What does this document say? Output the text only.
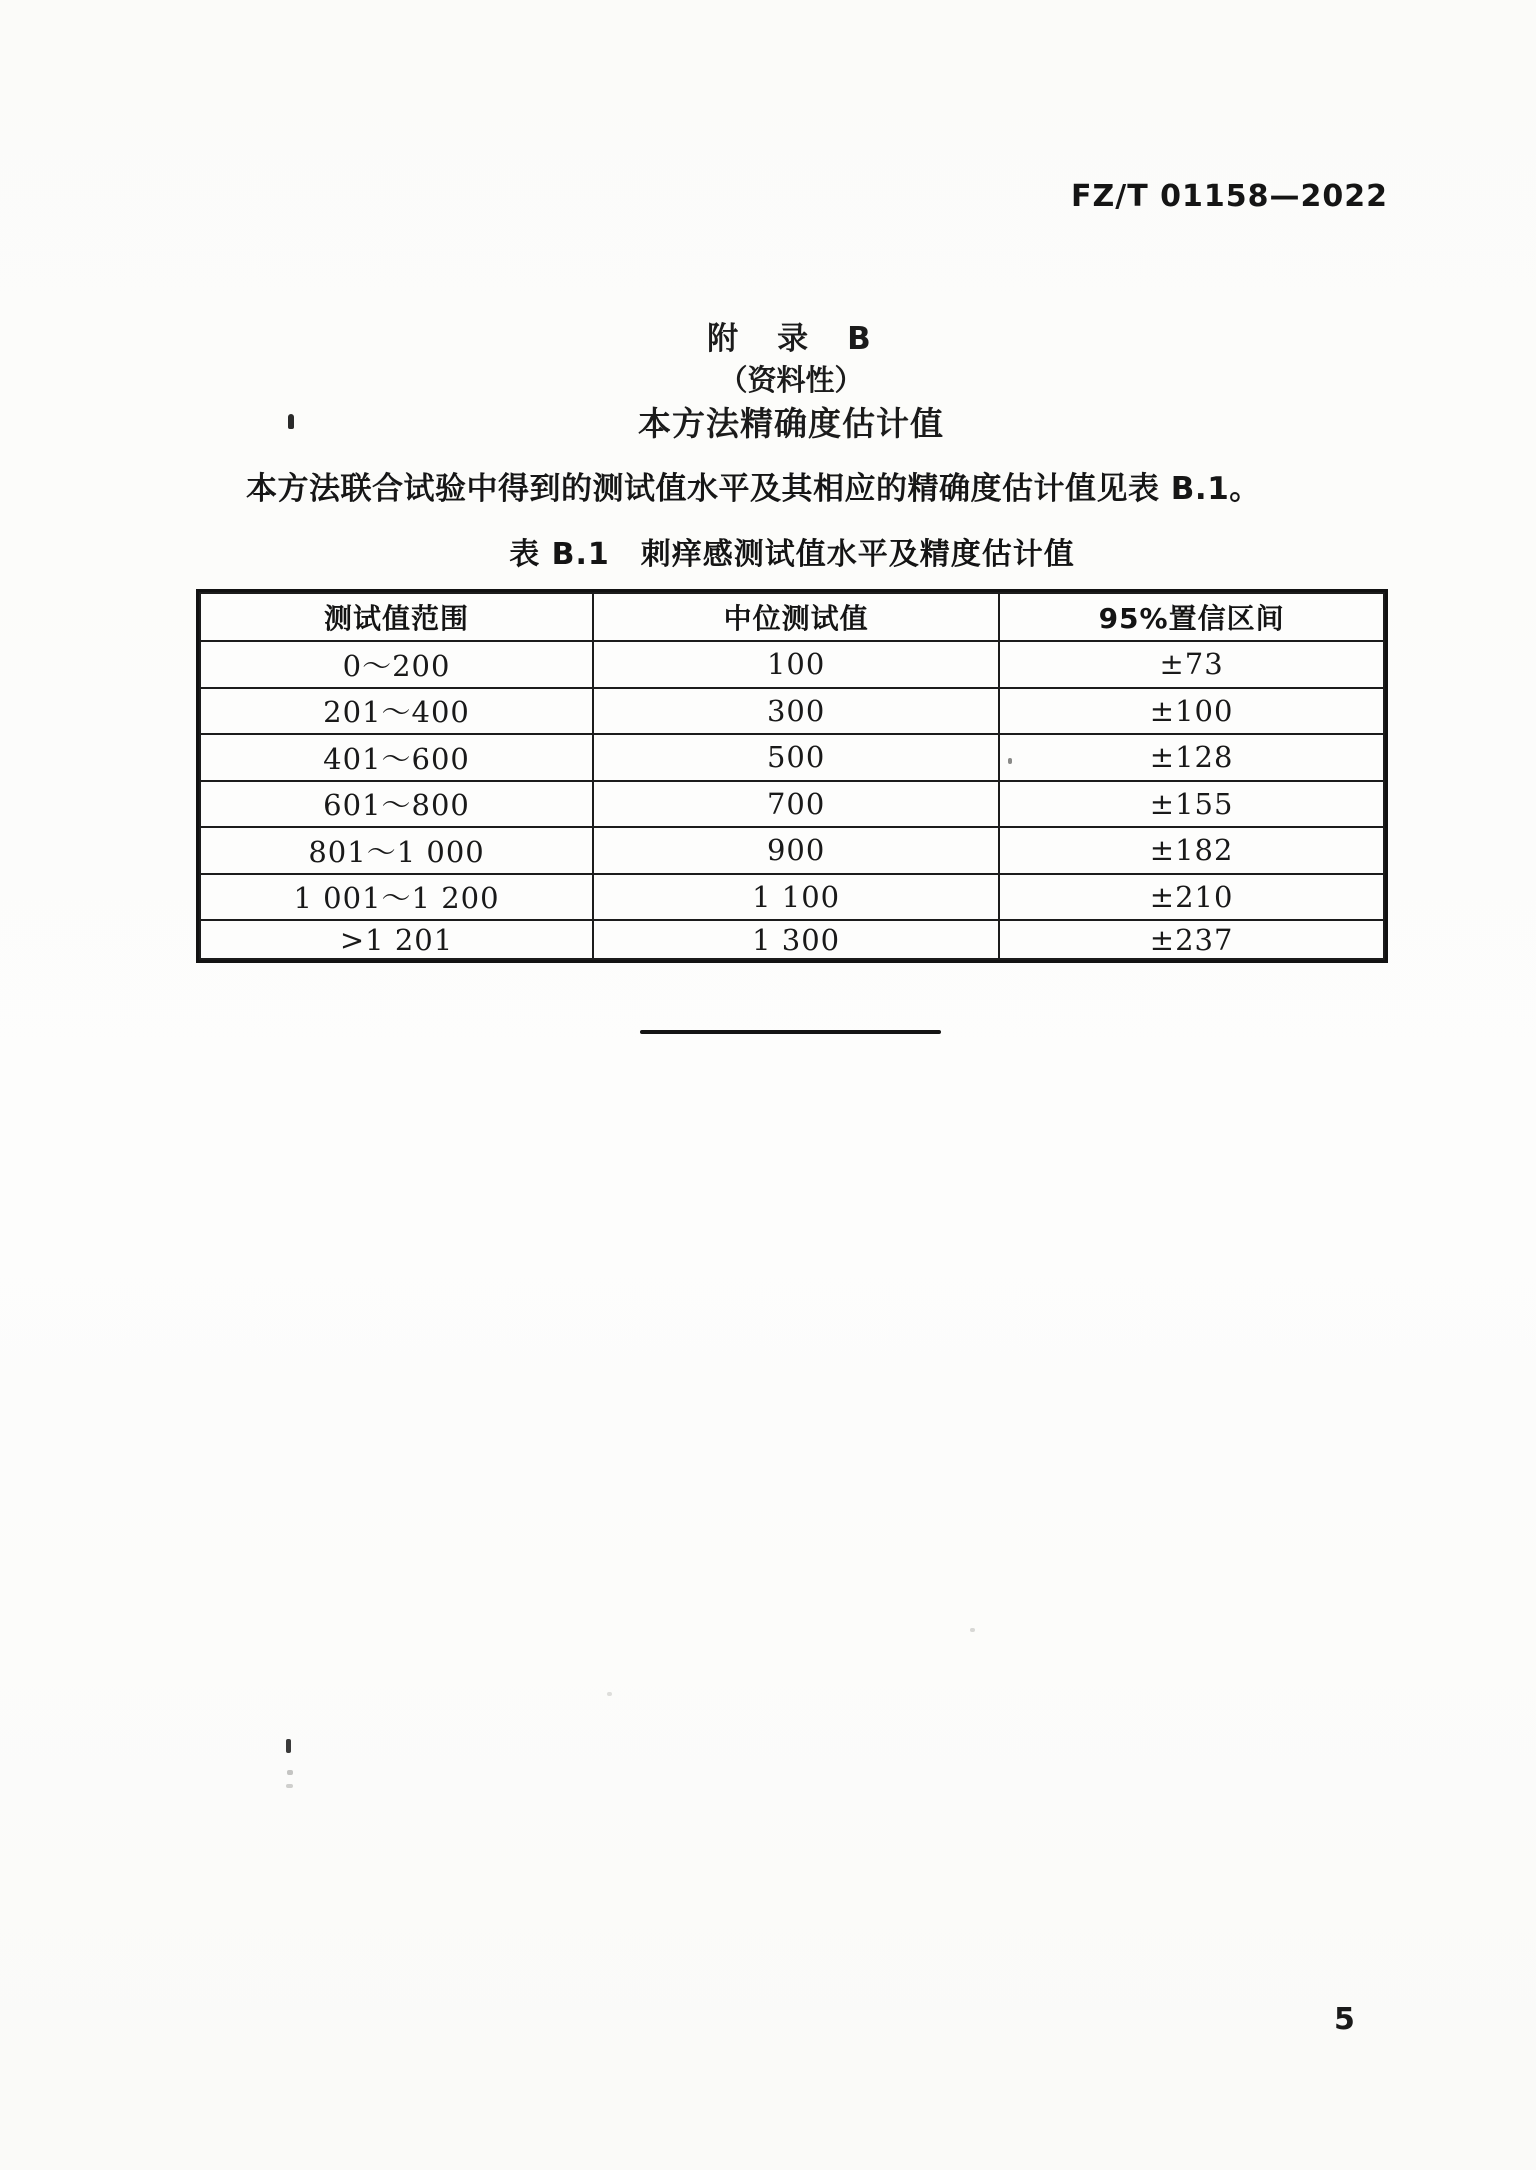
FZ/T 01158—2022
附　录　B
（资料性）
本方法精确度估计值
本方法联合试验中得到的测试值水平及其相应的精确度估计值见表 B.1。
表 B.1　刺痒感测试值水平及精度估计值
测试值范围	中位测试值	95%置信区间
0～200	100	±73
201～400	300	±100
401～600	500	±128
601～800	700	±155
801～1 000	900	±182
1 001～1 200	1 100	±210
>1 201	1 300	±237
5
